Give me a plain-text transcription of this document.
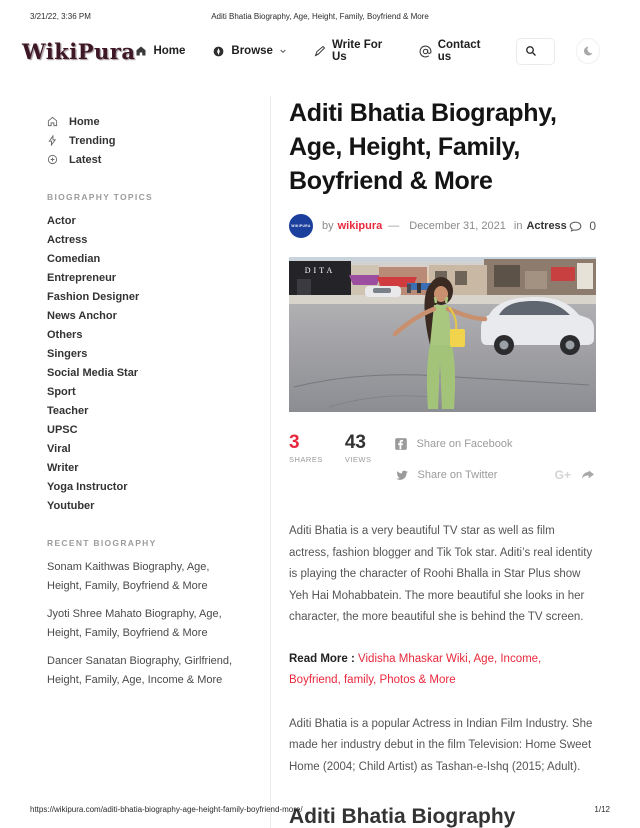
3/21/22, 3:36 PM	Aditi Bhatia Biography, Age, Height, Family, Boyfriend & More
WikiPura Home	Browse	Write For Us
Contact us
Home
Trending
Latest
BIOGRAPHY TOPICS
Actor
Actress
Comedian
Entrepreneur
Fashion Designer
News Anchor
Others
Singers
Social Media Star
Sport
Teacher
UPSC
Viral
Writer
Yoga Instructor
Youtuber
RECENT BIOGRAPHY
Sonam Kaithwas Biography, Age, Height, Family, Boyfriend & More
Jyoti Shree Mahato Biography, Age, Height, Family, Boyfriend & More
Dancer Sanatan Biography, Girlfriend, Height, Family, Age, Income & More
Aditi Bhatia Biography, Age, Height, Family, Boyfriend & More
WIKIPURA by wikipura — December 31, 2021 in Actress 0
DITA
3
SHARES
43
VIEWS
Share on Facebook
Share on Twitter	G+

Aditi Bhatia is a very beautiful TV star as well as film actress, fashion blogger and Tik Tok star. Aditi’s real identity is playing the character of Roohi Bhalla in Star Plus show Yeh Hai Mohabbatein. The more beautiful she looks in her character, the more beautiful she is behind the TV screen.

Read More : Vidisha Mhaskar Wiki, Age, Income, Boyfriend, family, Photos & More

Aditi Bhatia is a popular Actress in Indian Film Industry. She made her industry debut in the film Television: Home Sweet Home (2004; Child Artist) as Tashan-e-Ishq (2015; Adult).

Aditi Bhatia Biography
https://wikipura.com/aditi-bhatia-biography-age-height-family-boyfriend-more/	1/12
